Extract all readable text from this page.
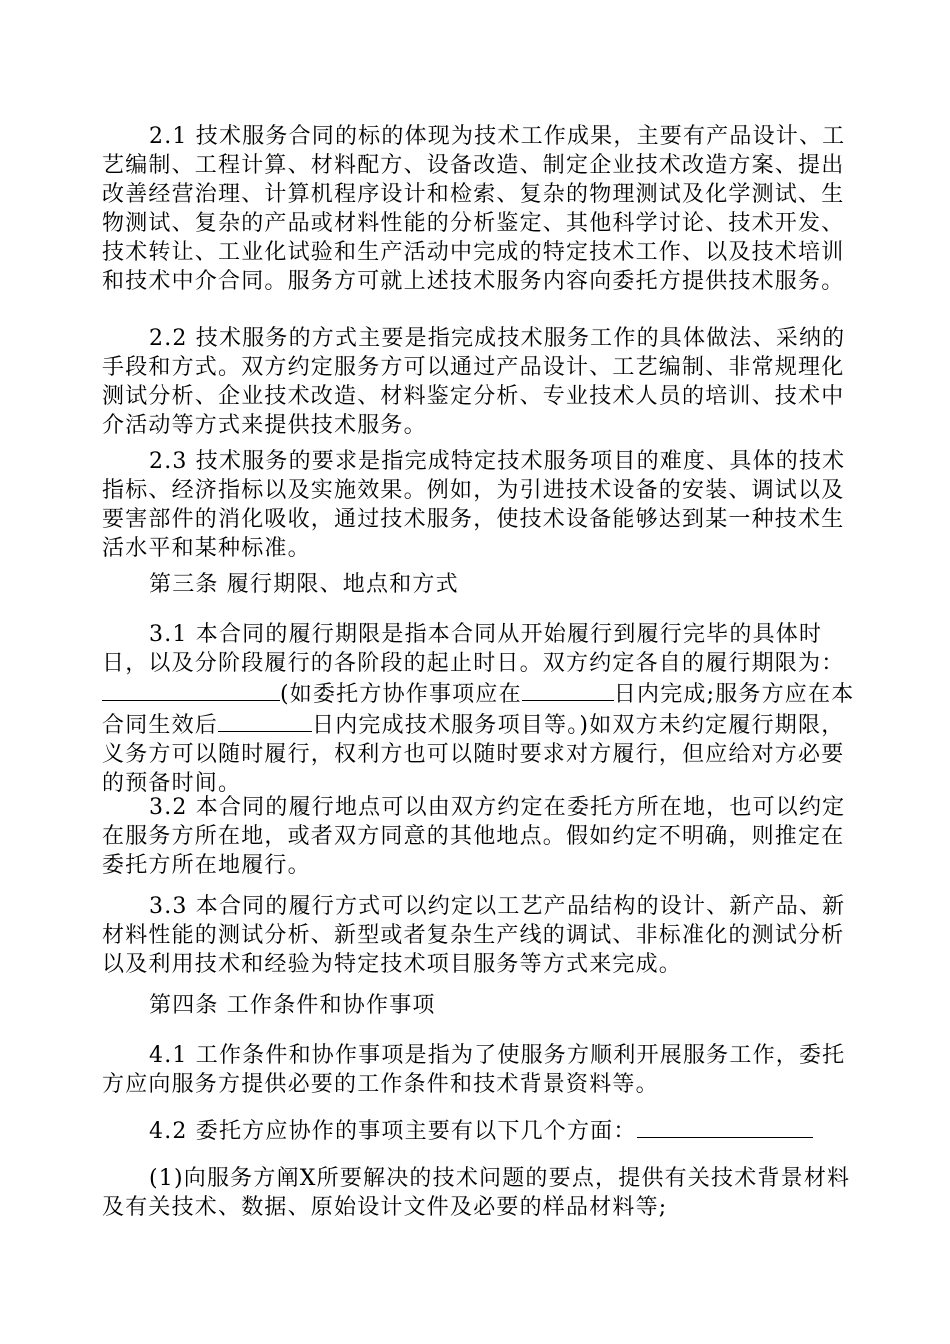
2.1 技术服务合同的标的体现为技术工作成果，主要有产品设计、工艺编制、工程计算、材料配方、设备改造、制定企业技术改造方案、提出改善经营治理、计算机程序设计和检索、复杂的物理测试及化学测试、生物测试、复杂的产品或材料性能的分析鉴定、其他科学讨论、技术开发、技术转让、工业化试验和生产活动中完成的特定技术工作、以及技术培训和技术中介合同。服务方可就上述技术服务内容向委托方提供技术服务。

2.2 技术服务的方式主要是指完成技术服务工作的具体做法、采纳的手段和方式。双方约定服务方可以通过产品设计、工艺编制、非常规理化测试分析、企业技术改造、材料鉴定分析、专业技术人员的培训、技术中介活动等方式来提供技术服务。

2.3 技术服务的要求是指完成特定技术服务项目的难度、具体的技术指标、经济指标以及实施效果。例如，为引进技术设备的安装、调试以及要害部件的消化吸收，通过技术服务，使技术设备能够达到某一种技术生活水平和某种标准。

第三条 履行期限、地点和方式

3.1 本合同的履行期限是指本合同从开始履行到履行完毕的具体时日，以及分阶段履行的各阶段的起止时日。双方约定各自的履行期限为：(如委托方协作事项应在	日内完成;服务方应在本合同生效后	日内完成技术服务项目等。)如双方未约定履行期限，义务方可以随时履行，权利方也可以随时要求对方履行，但应给对方必要的预备时间。

3.2 本合同的履行地点可以由双方约定在委托方所在地，也可以约定在服务方所在地，或者双方同意的其他地点。假如约定不明确，则推定在委托方所在地履行。

3.3 本合同的履行方式可以约定以工艺产品结构的设计、新产品、新材料性能的测试分析、新型或者复杂生产线的调试、非标准化的测试分析以及利用技术和经验为特定技术项目服务等方式来完成。

第四条 工作条件和协作事项

4.1 工作条件和协作事项是指为了使服务方顺利开展服务工作，委托方应向服务方提供必要的工作条件和技术背景资料等。

4.2 委托方应协作的事项主要有以下几个方面：

(1)向服务方阐X所要解决的技术问题的要点，提供有关技术背景材料及有关技术、数据、原始设计文件及必要的样品材料等;
